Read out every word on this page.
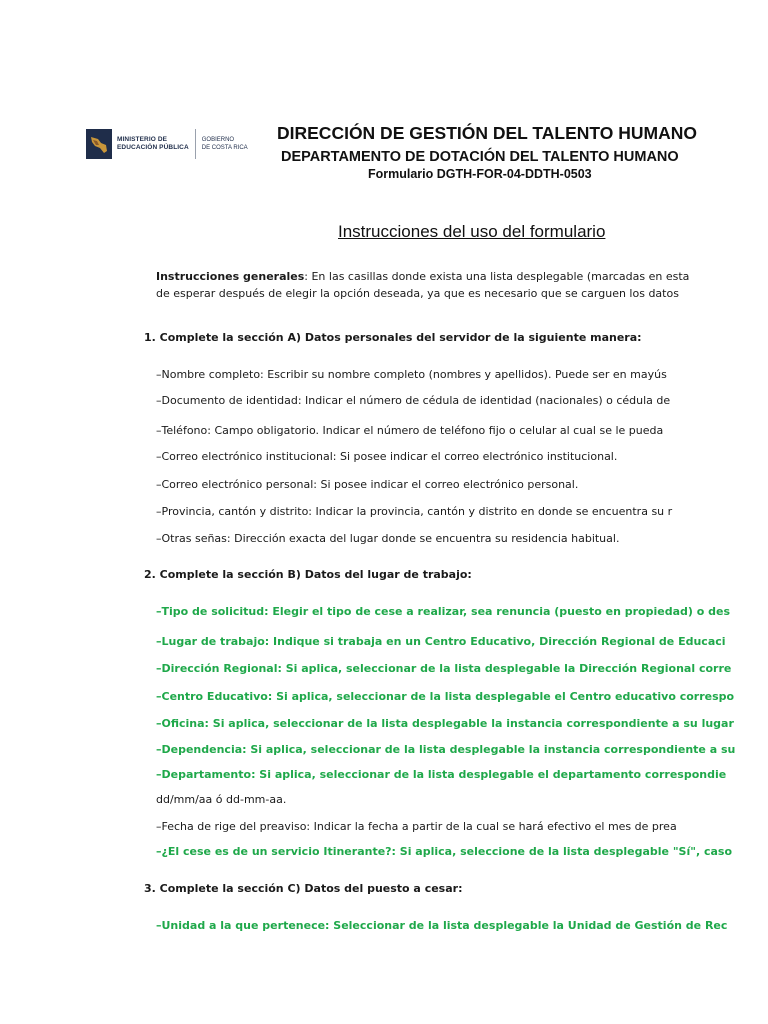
MINISTERIO DE
EDUCACIÓN PÚBLICA
GOBIERNO
DE COSTA RICA
DIRECCIÓN DE GESTIÓN DEL TALENTO HUMANO
DEPARTAMENTO DE DOTACIÓN DEL TALENTO HUMANO
Formulario DGTH-FOR-04-DDTH-0503
Instrucciones del uso del formulario
Instrucciones generales: En las casillas donde exista una lista desplegable (marcadas en esta
de esperar después de elegir la opción deseada, ya que es necesario que se carguen los datos
1. Complete la sección A) Datos personales del servidor de la siguiente manera:
–Nombre completo: Escribir su nombre completo (nombres y apellidos). Puede ser en mayús
–Documento de identidad: Indicar el número de cédula de identidad (nacionales) o cédula de
–Teléfono: Campo obligatorio. Indicar el número de teléfono fijo o celular al cual se le pueda
–Correo electrónico institucional: Si posee indicar el correo electrónico institucional.
–Correo electrónico personal: Si posee indicar el correo electrónico personal.
–Provincia, cantón y distrito: Indicar la provincia, cantón y distrito en donde se encuentra su r
–Otras señas: Dirección exacta del lugar donde se encuentra su residencia habitual.
2. Complete la sección B) Datos del lugar de trabajo:
–Tipo de solicitud: Elegir el tipo de cese a realizar, sea renuncia (puesto en propiedad) o des
–Lugar de trabajo: Indique si trabaja en un Centro Educativo, Dirección Regional de Educaci
–Dirección Regional: Si aplica, seleccionar de la lista desplegable la Dirección Regional corre
–Centro Educativo: Si aplica, seleccionar de la lista desplegable el Centro educativo correspo
–Oficina: Si aplica, seleccionar de la lista desplegable la instancia correspondiente a su lugar
–Dependencia: Si aplica, seleccionar de la lista desplegable la instancia correspondiente a su
–Departamento: Si aplica, seleccionar de la lista desplegable el departamento correspondie
dd/mm/aa ó dd-mm-aa.
–Fecha de rige del preaviso: Indicar la fecha a partir de la cual se hará efectivo el mes de prea
–¿El cese es de un servicio Itinerante?: Si aplica, seleccione de la lista desplegable "Sí", caso
3. Complete la sección C) Datos del puesto a cesar:
–Unidad a la que pertenece: Seleccionar de la lista desplegable la Unidad de Gestión de Rec
